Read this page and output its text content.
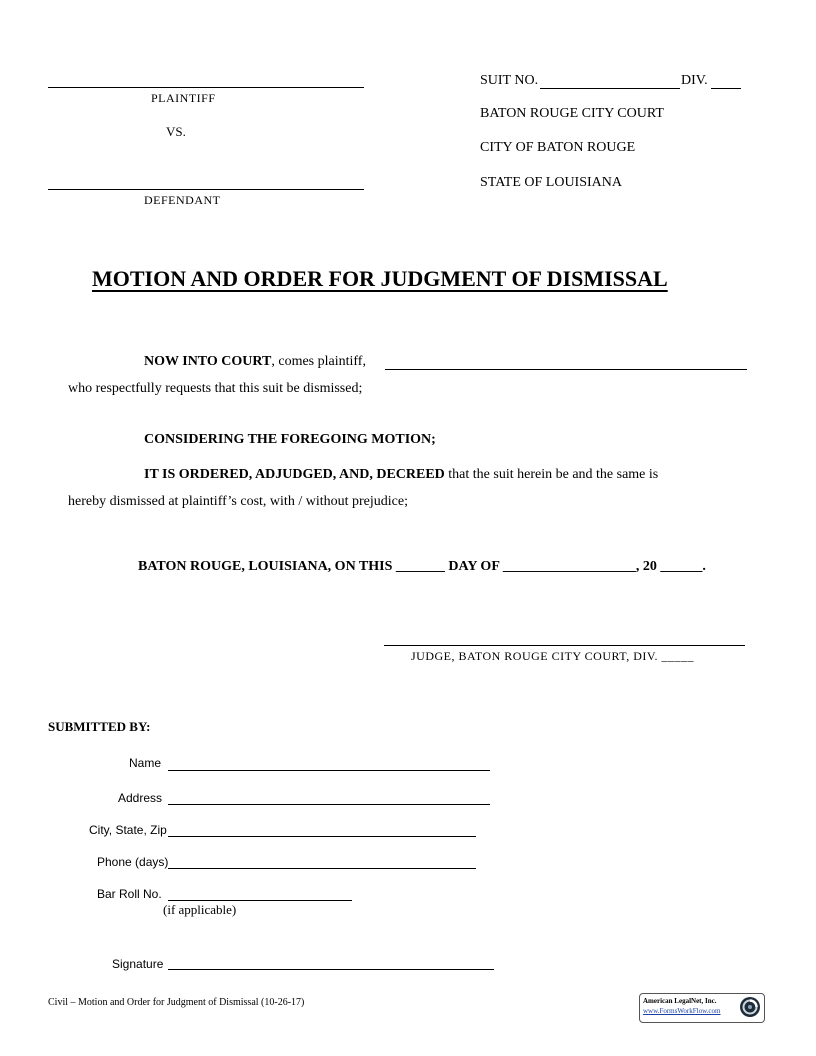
PLAINTIFF
VS.
DEFENDANT
SUIT NO.	DIV.
BATON ROUGE CITY COURT
CITY OF BATON ROUGE
STATE OF LOUISIANA
MOTION AND ORDER FOR JUDGMENT OF DISMISSAL
NOW INTO COURT, comes plaintiff,
who respectfully requests that this suit be dismissed;
CONSIDERING THE FOREGOING MOTION;
IT IS ORDERED, ADJUDGED, AND, DECREED that the suit herein be and the same is
hereby dismissed at plaintiff’s cost, with / without prejudice;
BATON ROUGE, LOUISIANA, ON THIS _______ DAY OF ___________________, 20 ______.
JUDGE, BATON ROUGE CITY COURT, DIV. _____
SUBMITTED BY:
Name
Address
City, State, Zip
Phone (days)
Bar Roll No.
(if applicable)
Signature
Civil – Motion and Order for Judgment of Dismissal (10-26-17)	American LegalNet, Inc.
www.FormsWorkFlow.com
